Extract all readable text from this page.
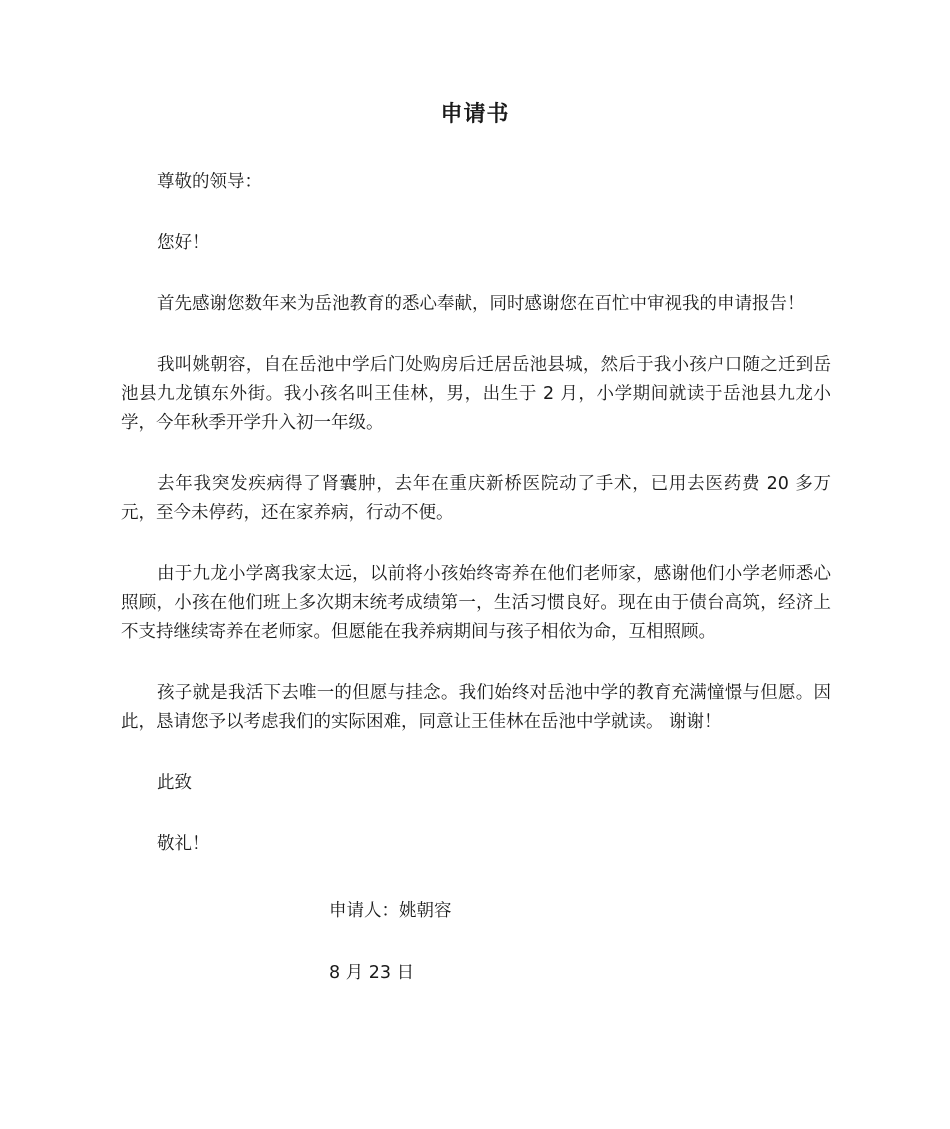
申请书

尊敬的领导：

您好！

首先感谢您数年来为岳池教育的悉心奉献，同时感谢您在百忙中审视我的申请报告！

我叫姚朝容，自在岳池中学后门处购房后迁居岳池县城，然后于我小孩户口随之迁到岳池县九龙镇东外街。我小孩名叫王佳林，男，出生于 2 月，小学期间就读于岳池县九龙小学，今年秋季开学升入初一年级。

去年我突发疾病得了肾囊肿，去年在重庆新桥医院动了手术，已用去医药费 20 多万元，至今未停药，还在家养病，行动不便。

由于九龙小学离我家太远，以前将小孩始终寄养在他们老师家，感谢他们小学老师悉心照顾，小孩在他们班上多次期末统考成绩第一，生活习惯良好。现在由于债台高筑，经济上不支持继续寄养在老师家。但愿能在我养病期间与孩子相依为命，互相照顾。

孩子就是我活下去唯一的但愿与挂念。我们始终对岳池中学的教育充满憧憬与但愿。因此，恳请您予以考虑我们的实际困难，同意让王佳林在岳池中学就读。 谢谢！

此致

敬礼！

申请人：姚朝容
8 月 23 日
